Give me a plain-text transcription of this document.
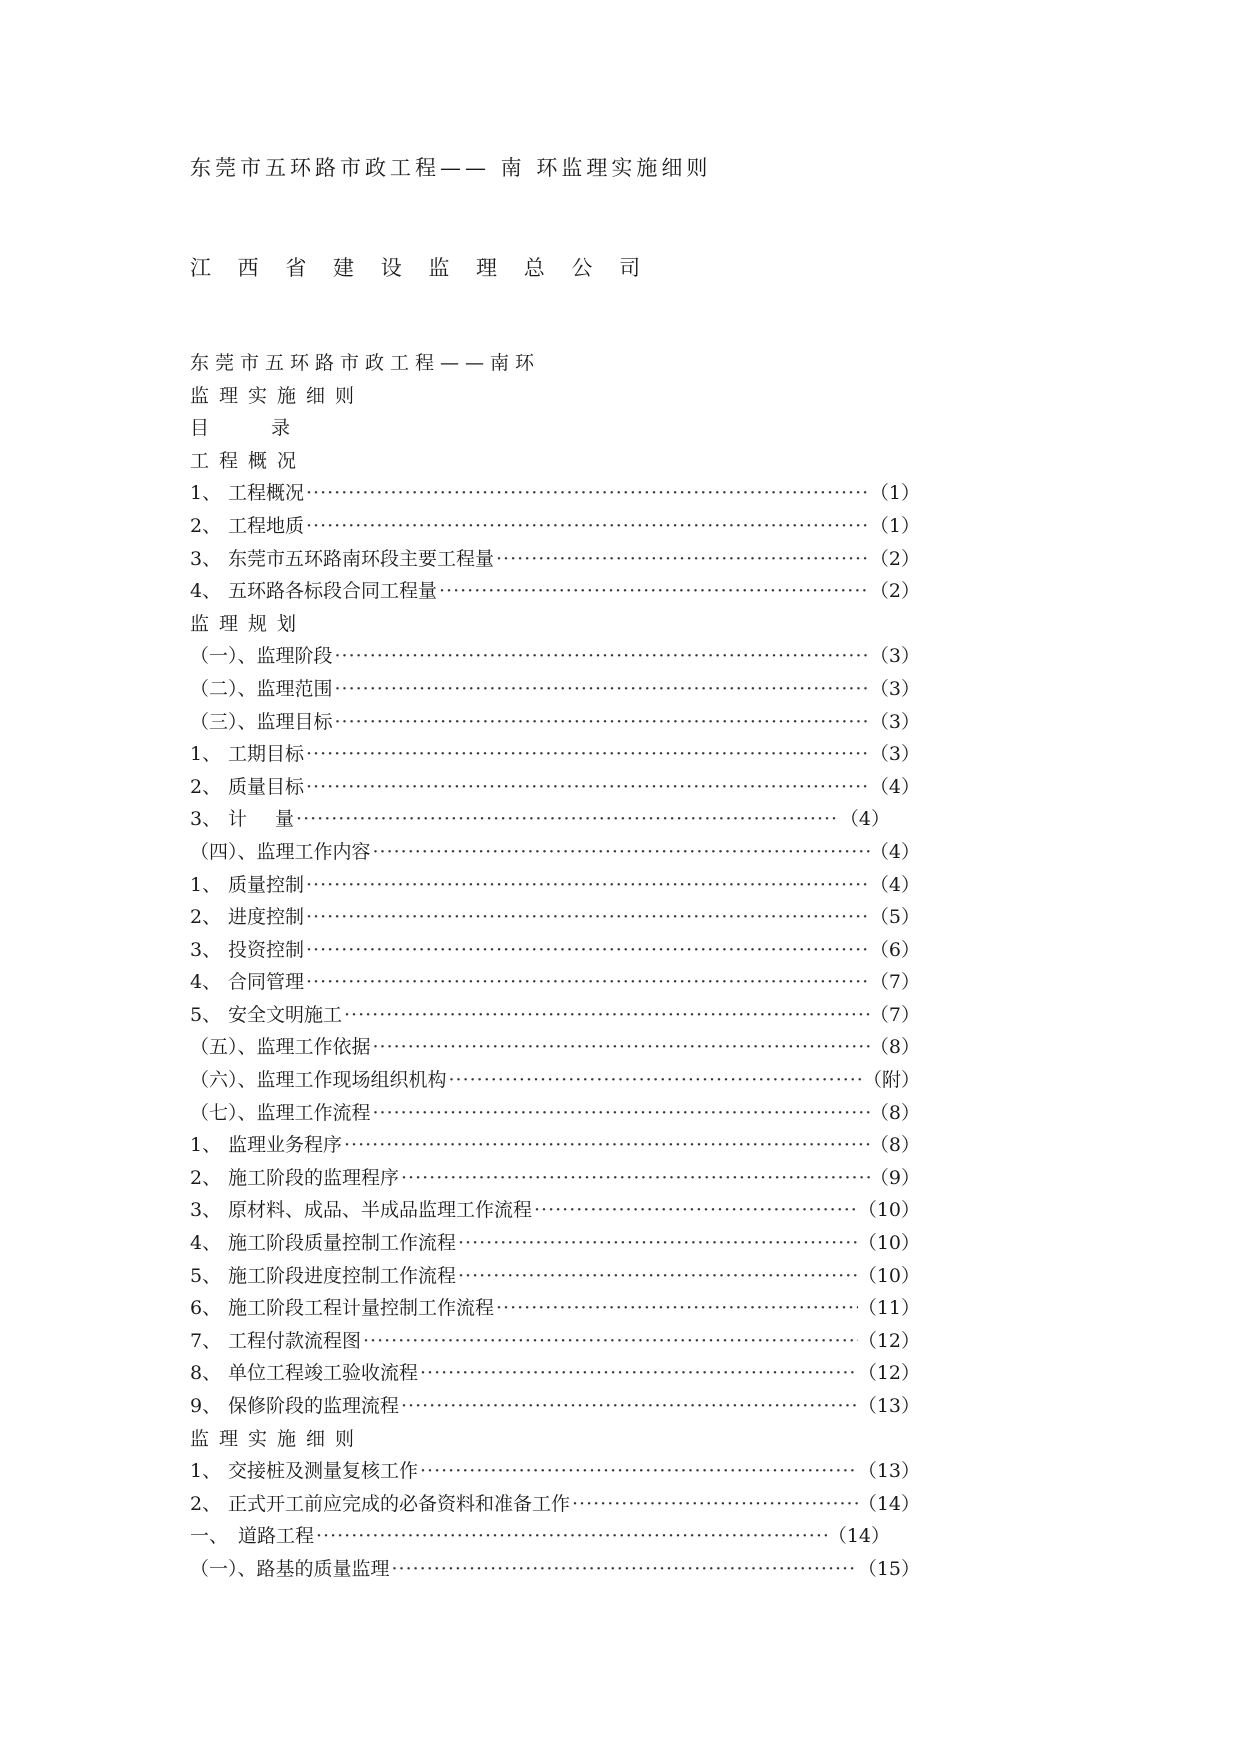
东莞市五环路市政工程—— 南 环监理实施细则
江 西 省 建 设 监 理 总 公 司
东莞市五环路市政工程——南环
监理实施细则
目	录
工程概况
1、 工程概况 ·····	（1）
2、 工程地质 ·····	（1）
3、 东莞市五环路南环段主要工程量 ·····	（2）
4、 五环路各标段合同工程量 ·····	（2）
监理规划
（一）、监理阶段 ·····	（3）
（二）、监理范围 ·····	（3）
（三）、监理目标 ·····	（3）
1、 工期目标 ·····	（3）
2、 质量目标 ·····	（4）
3、 计 量 ·····	（4）
（四）、监理工作内容 ·····	（4）
1、 质量控制 ·····	（4）
2、 进度控制 ·····	（5）
3、 投资控制 ·····	（6）
4、 合同管理 ·····	（7）
5、 安全文明施工 ·····	（7）
（五）、监理工作依据 ·····	（8）
（六）、监理工作现场组织机构 ·····	（附）
（七）、监理工作流程 ·····	（8）
1、 监理业务程序 ·····	（8）
2、 施工阶段的监理程序 ·····	（9）
3、 原材料、成品、半成品监理工作流程 ·····	（10）
4、 施工阶段质量控制工作流程 ·····	（10）
5、 施工阶段进度控制工作流程 ·····	（10）
6、 施工阶段工程计量控制工作流程 ·····	（11）
7、 工程付款流程图 ·····	（12）
8、 单位工程竣工验收流程 ·····	（12）
9、 保修阶段的监理流程 ·····	（13）
监理实施细则
1、 交接桩及测量复核工作 ·····	（13）
2、 正式开工前应完成的必备资料和准备工作 ·····	（14）
一、 道路工程 ·····	（14）
（一）、路基的质量监理 ·····	（15）
